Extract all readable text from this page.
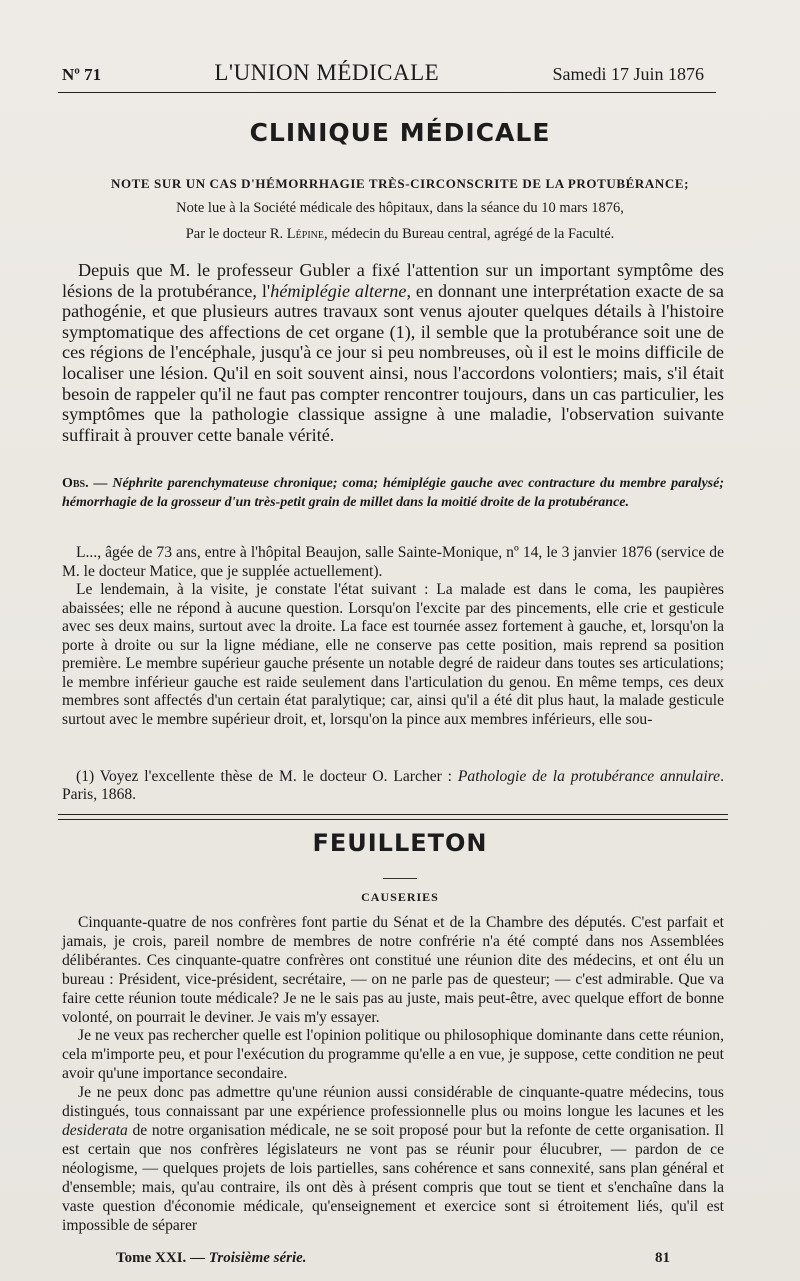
Nº 71	L'UNION MÉDICALE	Samedi 17 Juin 1876
CLINIQUE MÉDICALE
NOTE SUR UN CAS D'HÉMORRHAGIE TRÈS-CIRCONSCRITE DE LA PROTUBÉRANCE;
Note lue à la Société médicale des hôpitaux, dans la séance du 10 mars 1876,
Par le docteur R. Lépine, médecin du Bureau central, agrégé de la Faculté.
Depuis que M. le professeur Gubler a fixé l'attention sur un important symptôme des lésions de la protubérance, l'hémiplégie alterne, en donnant une interprétation exacte de sa pathogénie, et que plusieurs autres travaux sont venus ajouter quelques détails à l'histoire symptomatique des affections de cet organe (1), il semble que la protubérance soit une de ces régions de l'encéphale, jusqu'à ce jour si peu nombreuses, où il est le moins difficile de localiser une lésion. Qu'il en soit souvent ainsi, nous l'accordons volontiers; mais, s'il était besoin de rappeler qu'il ne faut pas compter rencontrer toujours, dans un cas particulier, les symptômes que la pathologie classique assigne à une maladie, l'observation suivante suffirait à prouver cette banale vérité.
Obs. — Néphrite parenchymateuse chronique; coma; hémiplégie gauche avec contracture du membre paralysé; hémorrhagie de la grosseur d'un très-petit grain de millet dans la moitié droite de la protubérance.

L..., âgée de 73 ans, entre à l'hôpital Beaujon, salle Sainte-Monique, nº 14, le 3 janvier 1876 (service de M. le docteur Matice, que je supplée actuellement).

Le lendemain, à la visite, je constate l'état suivant : La malade est dans le coma, les paupières abaissées; elle ne répond à aucune question. Lorsqu'on l'excite par des pincements, elle crie et gesticule avec ses deux mains, surtout avec la droite. La face est tournée assez fortement à gauche, et, lorsqu'on la porte à droite ou sur la ligne médiane, elle ne conserve pas cette position, mais reprend sa position première. Le membre supérieur gauche présente un notable degré de raideur dans toutes ses articulations; le membre inférieur gauche est raide seulement dans l'articulation du genou. En même temps, ces deux membres sont affectés d'un certain état paralytique; car, ainsi qu'il a été dit plus haut, la malade gesticule surtout avec le membre supérieur droit, et, lorsqu'on la pince aux membres inférieurs, elle sou-

(1) Voyez l'excellente thèse de M. le docteur O. Larcher : Pathologie de la protubérance annulaire. Paris, 1868.
FEUILLETON
CAUSERIES

Cinquante-quatre de nos confrères font partie du Sénat et de la Chambre des députés. C'est parfait et jamais, je crois, pareil nombre de membres de notre confrérie n'a été compté dans nos Assemblées délibérantes. Ces cinquante-quatre confrères ont constitué une réunion dite des médecins, et ont élu un bureau : Président, vice-président, secrétaire, — on ne parle pas de questeur; — c'est admirable. Que va faire cette réunion toute médicale? Je ne le sais pas au juste, mais peut-être, avec quelque effort de bonne volonté, on pourrait le deviner. Je vais m'y essayer.

Je ne veux pas rechercher quelle est l'opinion politique ou philosophique dominante dans cette réunion, cela m'importe peu, et pour l'exécution du programme qu'elle a en vue, je suppose, cette condition ne peut avoir qu'une importance secondaire.

Je ne peux donc pas admettre qu'une réunion aussi considérable de cinquante-quatre médecins, tous distingués, tous connaissant par une expérience professionnelle plus ou moins longue les lacunes et les desiderata de notre organisation médicale, ne se soit proposé pour but la refonte de cette organisation. Il est certain que nos confrères législateurs ne vont pas se réunir pour élucubrer, — pardon de ce néologisme, — quelques projets de lois partielles, sans cohérence et sans connexité, sans plan général et d'ensemble; mais, qu'au contraire, ils ont dès à présent compris que tout se tient et s'enchaîne dans la vaste question d'économie médicale, qu'enseignement et exercice sont si étroitement liés, qu'il est impossible de séparer

Tome XXI. — Troisième série.	81
